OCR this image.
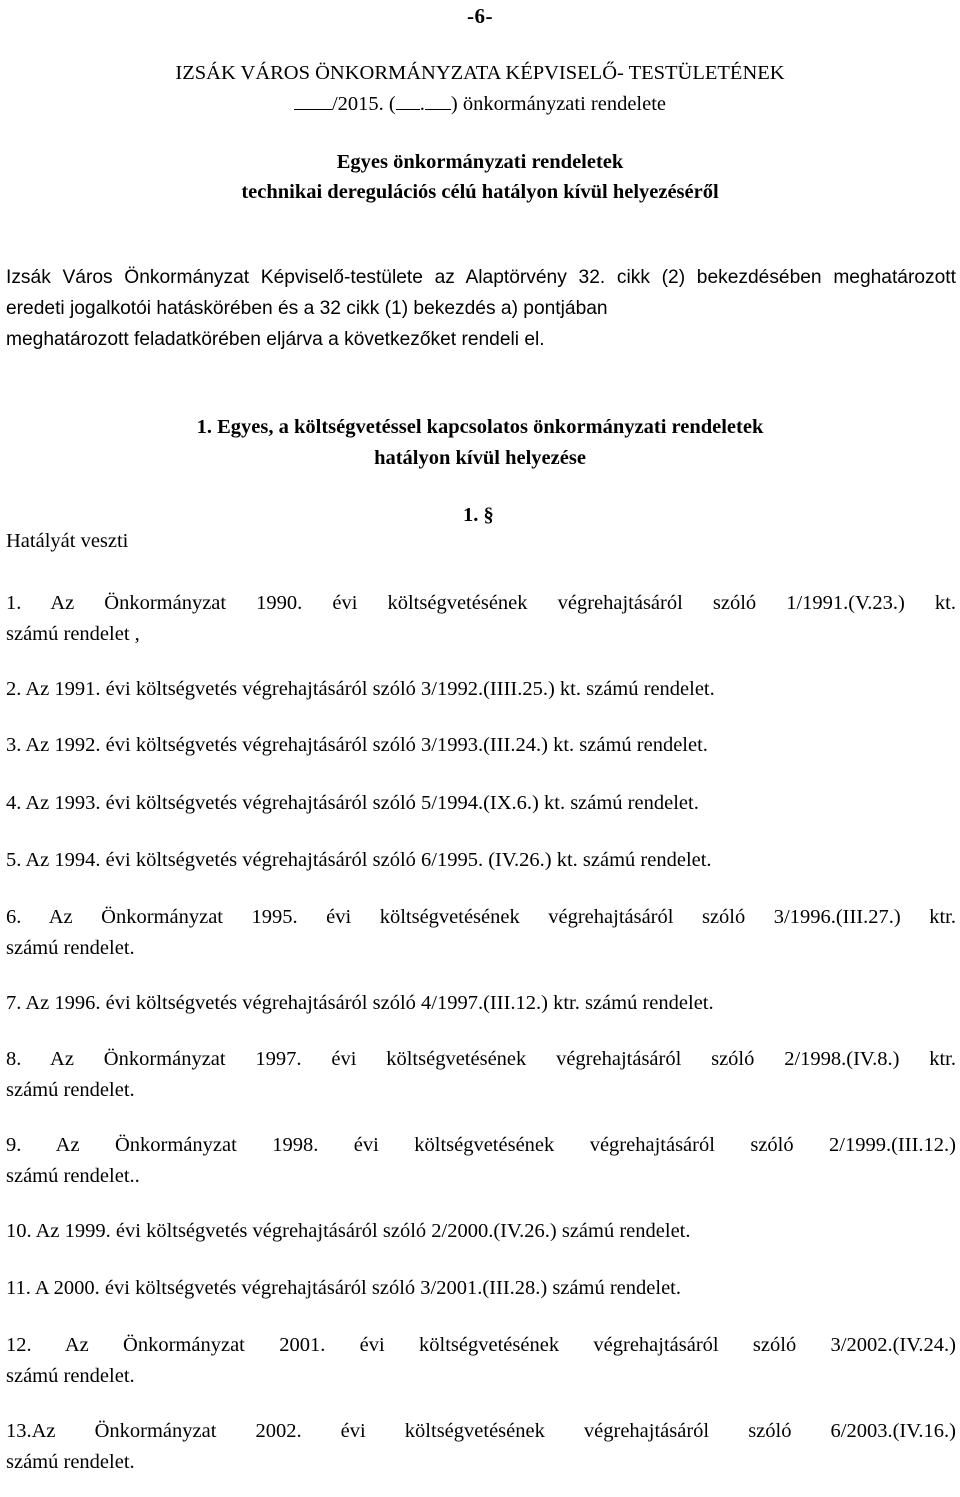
-6-
IZSÁK VÁROS ÖNKORMÁNYZATA KÉPVISELŐ- TESTÜLETÉNEK
/2015. ( . ) önkormányzati rendelete
Egyes önkormányzati rendeletek
technikai deregulációs célú hatályon kívül helyezéséről
Izsák Város Önkormányzat Képviselő-testülete az Alaptörvény 32. cikk (2) bekezdésében meghatározott eredeti jogalkotói hatáskörében és a 32 cikk (1) bekezdés a) pontjában
meghatározott feladatkörében eljárva a következőket rendeli el.
1. Egyes, a költségvetéssel kapcsolatos önkormányzati rendeletek
hatályon kívül helyezése
1. §
Hatályát veszti
1. Az Önkormányzat 1990. évi költségvetésének végrehajtásáról szóló 1/1991.(V.23.) kt.
számú rendelet ,
2. Az 1991. évi költségvetés végrehajtásáról szóló 3/1992.(IIII.25.) kt. számú rendelet.
3. Az 1992. évi költségvetés végrehajtásáról szóló 3/1993.(III.24.) kt. számú rendelet.
4. Az 1993. évi költségvetés végrehajtásáról szóló 5/1994.(IX.6.) kt. számú rendelet.
5. Az 1994. évi költségvetés végrehajtásáról szóló 6/1995. (IV.26.) kt. számú rendelet.
6. Az Önkormányzat 1995. évi költségvetésének végrehajtásáról szóló 3/1996.(III.27.) ktr.
számú rendelet.
7. Az 1996. évi költségvetés végrehajtásáról szóló 4/1997.(III.12.) ktr. számú rendelet.
8. Az Önkormányzat 1997. évi költségvetésének végrehajtásáról szóló 2/1998.(IV.8.) ktr.
számú rendelet.
9. Az Önkormányzat 1998. évi költségvetésének végrehajtásáról szóló 2/1999.(III.12.)
számú rendelet..
10. Az 1999. évi költségvetés végrehajtásáról szóló 2/2000.(IV.26.) számú rendelet.
11. A 2000. évi költségvetés végrehajtásáról szóló 3/2001.(III.28.) számú rendelet.
12. Az Önkormányzat 2001. évi költségvetésének végrehajtásáról szóló 3/2002.(IV.24.)
számú rendelet.
13.Az Önkormányzat 2002. évi költségvetésének végrehajtásáról szóló 6/2003.(IV.16.)
számú rendelet.
